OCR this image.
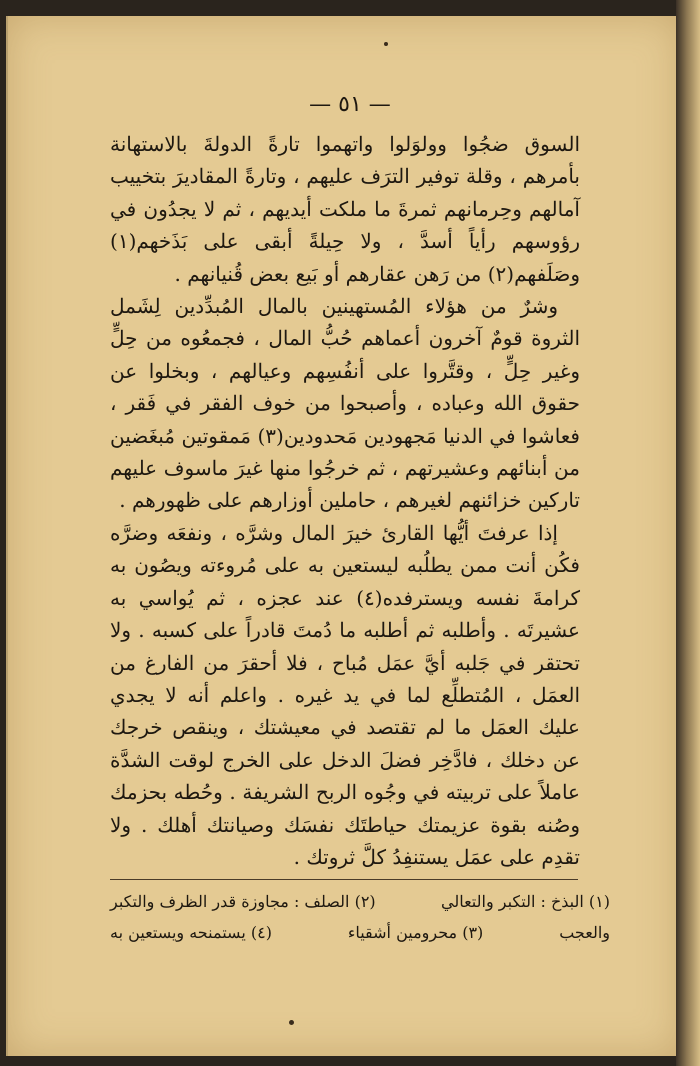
— ٥١ —

السوق ضجُوا وولوَلوا واتهموا تارةً الدولةَ بالاستهانة بأمرهم ، وقلة توفير الترَف عليهم ، وتارةً المقاديرَ بتخييب آمالهم وحِرمانهم ثمرةَ ما ملكت أيديهم ، ثم لا يجدُون في رؤوسهم رأياً أسدَّ ، ولا حِيلةً أبقى على بَذَخهم(١) وصَلَفهم(٢) من رَهن عقارهم أو بَيع بعض قُنيانهم .

وشرٌ من هؤلاء المُستهينين بالمال المُبدِّدين لِشَمل الثروة قومٌ آخرون أعماهم حُبُّ المال ، فجمعُوه من حِلٍّ وغير حِلٍّ ، وقتَّروا على أنفُسِهم وعيالهم ، وبخلوا عن حقوق الله وعباده ، وأصبحوا من خوف الفقر في فَقر ، فعاشوا في الدنيا مَجهودين مَحدودين(٣) مَمقوتين مُبغَضين من أبنائهم وعشيرتهم ، ثم خرجُوا منها غيرَ ماسوف عليهم تاركين خزائنهم لغيرهم ، حاملين أوزارهم على ظهورهم .

إذا عرفتَ أيُّها القارئ خيرَ المال وشرَّه ، ونفعَه وضرَّه فكُن أنت ممن يطلُبه ليستعين به على مُروءته ويصُون به كرامةَ نفسه ويسترفده(٤) عند عجزه ، ثم يُواسي به عشيرتَه . وأطلبه ثم أطلبه ما دُمتَ قادراً على كسبه . ولا تحتقر في جَلبه أيَّ عمَل مُباح ، فلا أحقرَ من الفارغ من العمَل ، المُتطلِّع لما في يد غيره . واعلم أنه لا يجدي عليك العمَل ما لم تقتصد في معيشتك ، وينقص خرجك عن دخلك ، فادَّخِر فضلَ الدخل على الخرج لوقت الشدَّة عاملاً على تربيته في وجُوه الربح الشريفة . وحُطه بحزمك وصُنه بقوة عزيمتك حياطتَك نفسَك وصيانتك أهلك . ولا تقدِم على عمَل يستنفِدُ كلَّ ثروتك .

(١) البذخ : التكبر والتعالي
(٢) الصلف : مجاوزة قدر الظرف والتكبر
والعجب
(٣) محرومين أشقياء
(٤) يستمنحه ويستعين به
